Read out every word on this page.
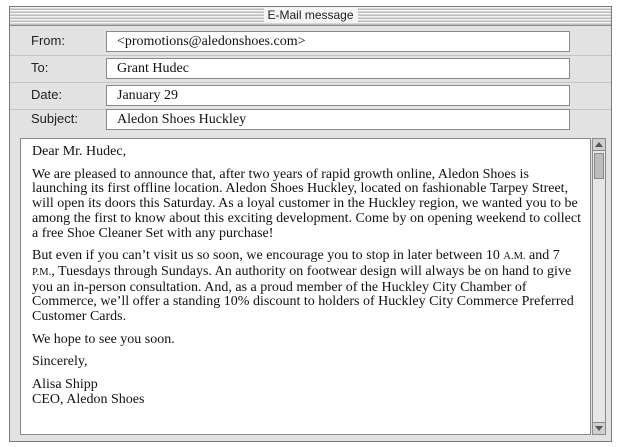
E-Mail message
From:	<promotions@aledonshoes.com>
To:	Grant Hudec
Date:	January 29
Subject:	Aledon Shoes Huckley

Dear Mr. Hudec,

We are pleased to announce that, after two years of rapid growth online, Aledon Shoes is launching its first offline location. Aledon Shoes Huckley, located on fashionable Tarpey Street, will open its doors this Saturday. As a loyal customer in the Huckley region, we wanted you to be among the first to know about this exciting development. Come by on opening weekend to collect a free Shoe Cleaner Set with any purchase!

But even if you can’t visit us so soon, we encourage you to stop in later between 10 A.M. and 7 P.M., Tuesdays through Sundays. An authority on footwear design will always be on hand to give you an in-person consultation. And, as a proud member of the Huckley City Chamber of Commerce, we’ll offer a standing 10% discount to holders of Huckley City Commerce Preferred Customer Cards.

We hope to see you soon.

Sincerely,

Alisa Shipp

CEO, Aledon Shoes
